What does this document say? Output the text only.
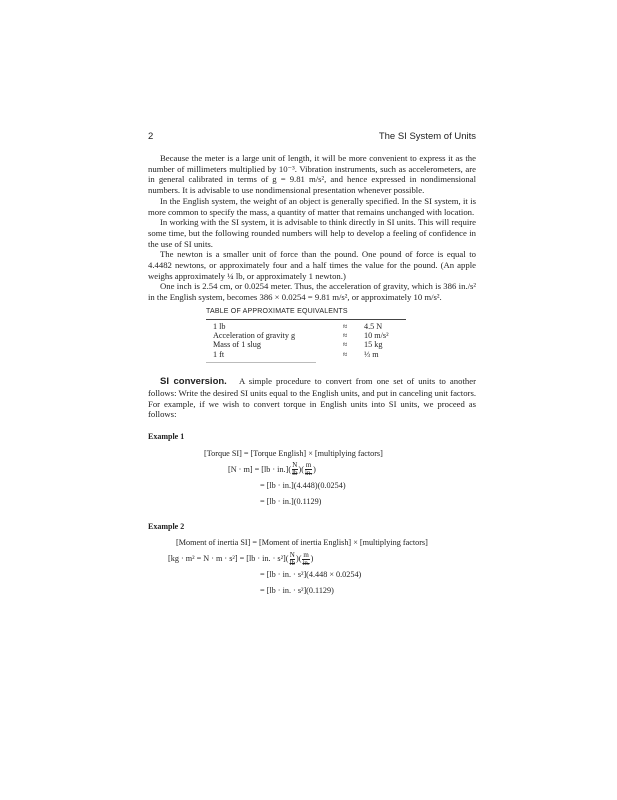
2	The SI System of Units

Because the meter is a large unit of length, it will be more convenient to express it as the number of millimeters multiplied by 10⁻³. Vibration instruments, such as accelerometers, are in general calibrated in terms of g = 9.81 m/s², and hence expressed in nondimensional numbers. It is advisable to use nondimensional presentation whenever possible.

In the English system, the weight of an object is generally specified. In the SI system, it is more common to specify the mass, a quantity of matter that remains unchanged with location.

In working with the SI system, it is advisable to think directly in SI units. This will require some time, but the following rounded numbers will help to develop a feeling of confidence in the use of SI units.

The newton is a smaller unit of force than the pound. One pound of force is equal to 4.4482 newtons, or approximately four and a half times the value for the pound. (An apple weighs approximately ¼ lb, or approximately 1 newton.)

One inch is 2.54 cm, or 0.0254 meter. Thus, the acceleration of gravity, which is 386 in./s² in the English system, becomes 386 × 0.0254 = 9.81 m/s², or approximately 10 m/s².

TABLE OF APPROXIMATE EQUIVALENTS
1 lb	≈	4.5 N
Acceleration of gravity g	≈	10 m/s²
Mass of 1 slug	≈	15 kg
1 ft	≈	⅓ m

SI conversion. A simple procedure to convert from one set of units to another follows: Write the desired SI units equal to the English units, and put in canceling unit factors. For example, if we wish to convert torque in English units into SI units, we proceed as follows:

Example 1
[Torque SI] = [Torque English] × [multiplying factors]
$[N \cdot m] = [lb \cdot in.]( \frac{N}{lb}$ )( $\frac{m}{in.}$ )
= [lb · in.](4.448)(0.0254)
= [lb · in.](0.1129)
Example 2
[Moment of inertia SI] = [Moment of inertia English] × [multiplying factors]
[kg · m² = N · m · s²] = [lb · in. · $s^2]( \frac{N}{lb}$ )( $\frac{m}{in.}$ )
= [lb · in. · s²](4.448 × 0.0254)
= [lb · in. · s²](0.1129)
